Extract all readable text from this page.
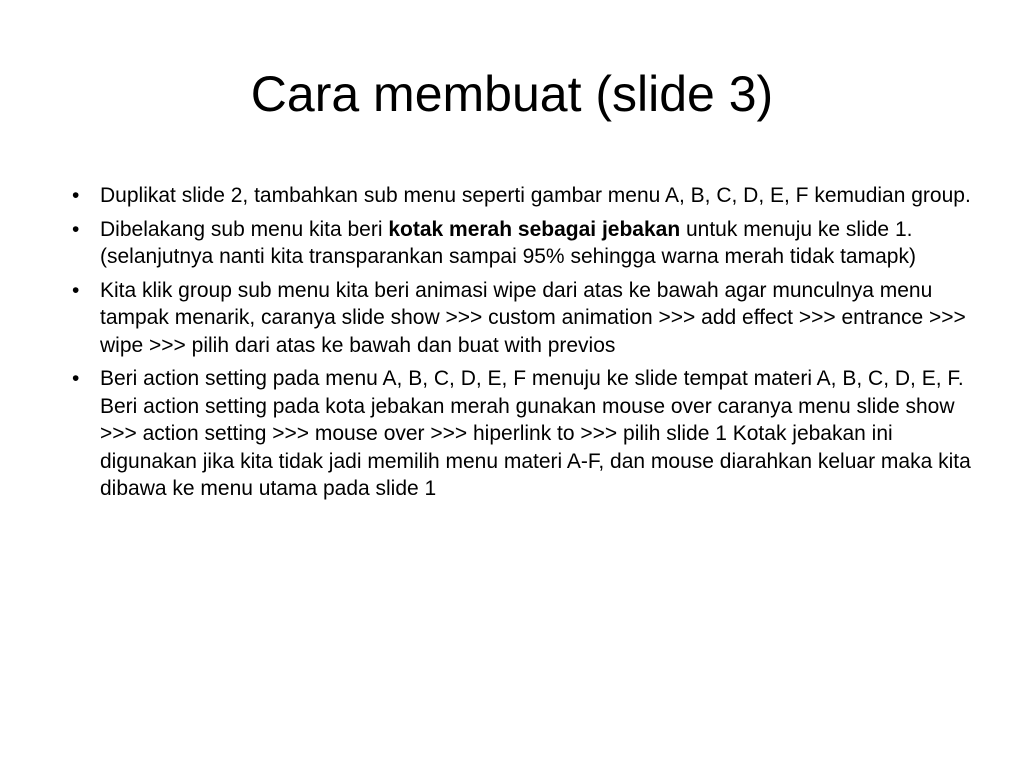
Cara membuat (slide 3)
• Duplikat slide 2, tambahkan sub menu seperti gambar menu A, B, C, D, E, F kemudian group.
• Dibelakang sub menu kita beri kotak merah sebagai jebakan untuk menuju ke slide 1. (selanjutnya nanti kita transparankan sampai 95% sehingga warna merah tidak tamapk)
• Kita klik group sub menu kita beri animasi wipe dari atas ke bawah agar munculnya menu tampak menarik, caranya slide show >>> custom animation >>> add effect >>> entrance >>> wipe >>> pilih dari atas ke bawah dan buat with previos
• Beri action setting pada menu A, B, C, D, E, F menuju ke slide tempat materi A, B, C, D, E, F. Beri action setting pada kota jebakan merah gunakan mouse over caranya menu slide show >>> action setting >>> mouse over >>> hiperlink to >>> pilih slide 1 Kotak jebakan ini digunakan jika kita tidak jadi memilih menu materi A-F, dan mouse diarahkan keluar maka kita dibawa ke menu utama pada slide 1
